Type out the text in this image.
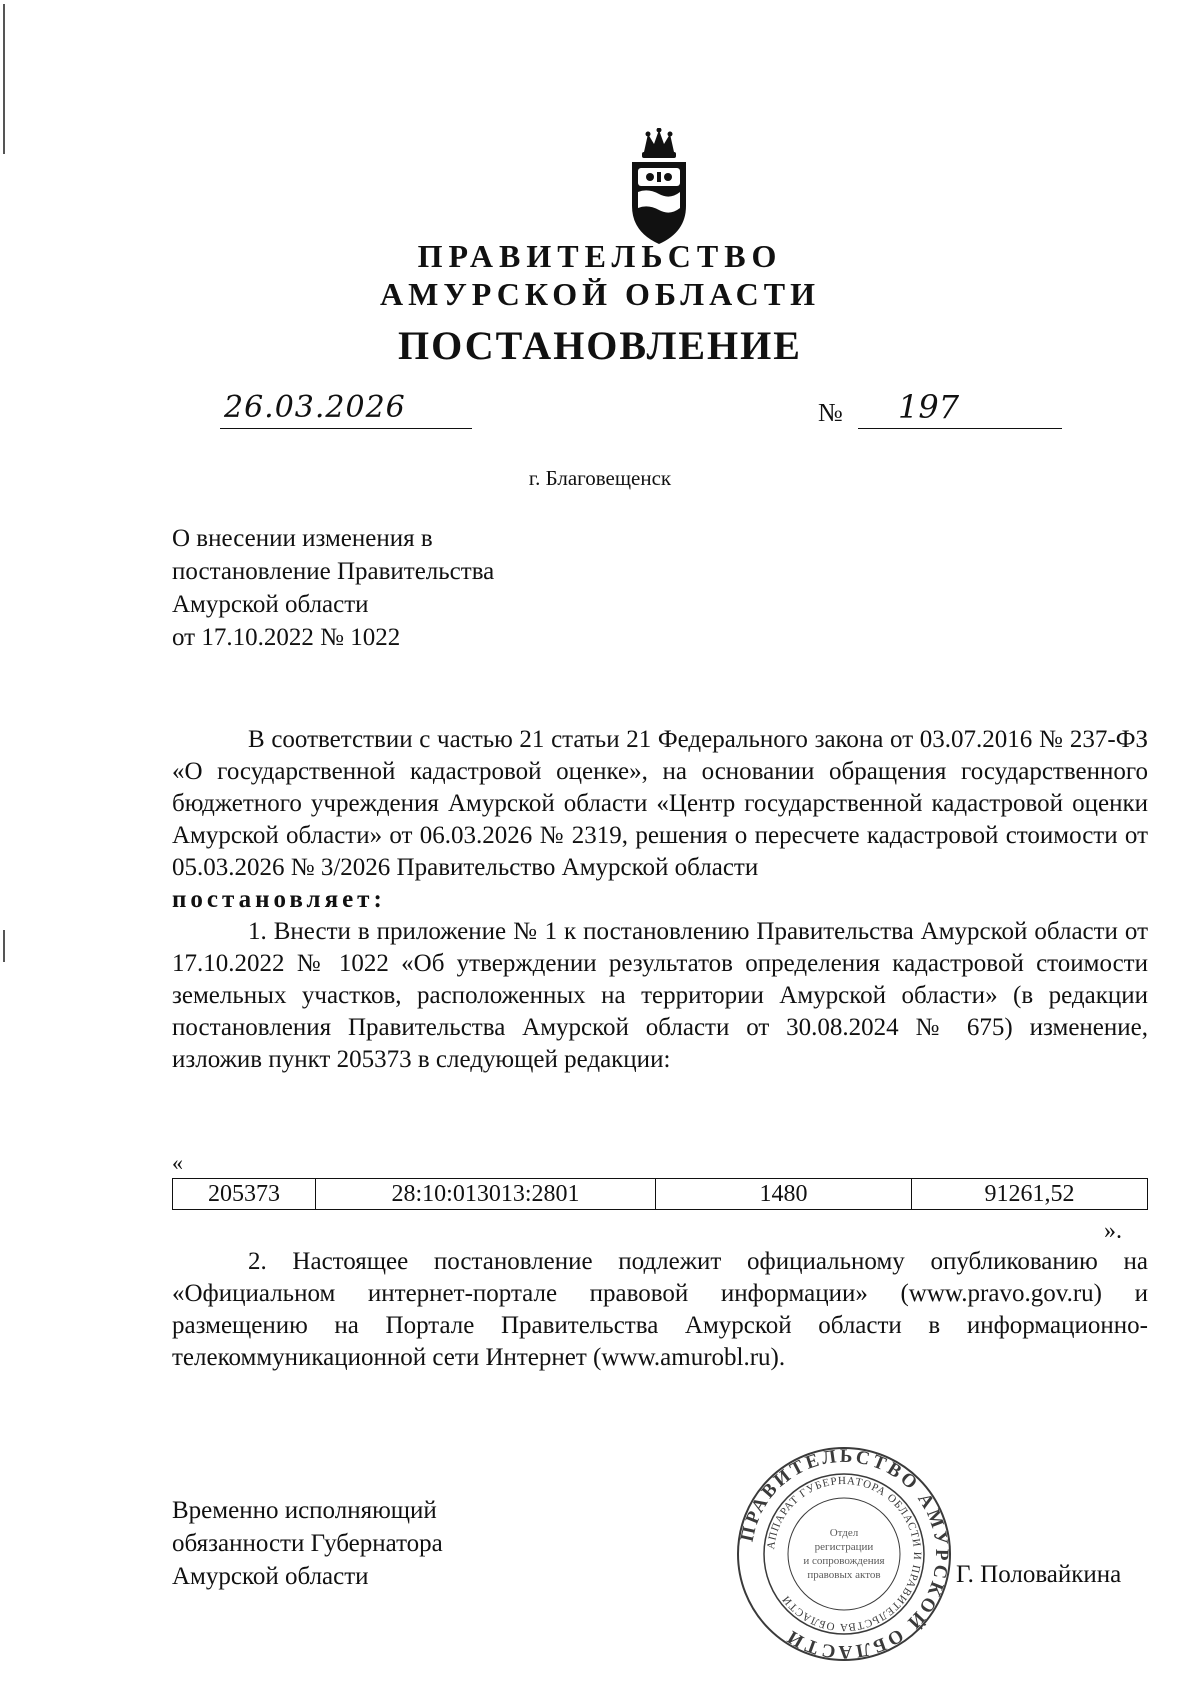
ПРАВИТЕЛЬСТВО
АМУРСКОЙ ОБЛАСТИ
ПОСТАНОВЛЕНИЕ
26.03.2026	№ 197
г. Благовещенск
О внесении изменения в
постановление Правительства
Амурской области
от 17.10.2022 № 1022

В соответствии с частью 21 статьи 21 Федерального закона от 03.07.2016 № 237-ФЗ «О государственной кадастровой оценке», на основании обращения государственного бюджетного учреждения Амурской области «Центр государственной кадастровой оценки Амурской области» от 06.03.2026 № 2319, решения о пересчете кадастровой стоимости от 05.03.2026 № 3/2026 Правительство Амурской области

постановляет:

1. Внести в приложение № 1 к постановлению Правительства Амурской области от 17.10.2022 № 1022 «Об утверждении результатов определения кадастровой стоимости земельных участков, расположенных на территории Амурской области» (в редакции постановления Правительства Амурской области от 30.08.2024 № 675) изменение, изложив пункт 205373 в следующей редакции:

«
205373	28:10:013013:2801	1480	91261,52
».

2. Настоящее постановление подлежит официальному опубликованию на «Официальном интернет-портале правовой информации» (www.pravo.gov.ru) и размещению на Портале Правительства Амурской области в информационно-телекоммуникационной сети Интернет (www.amurobl.ru).

Временно исполняющий
обязанности Губернатора
Амурской области
ПРАВИТЕЛЬСТВО АМУРСКОЙ ОБЛАСТИ
АППАРАТ ГУБЕРНАТОРА ОБЛАСТИ И ПРАВИТЕЛЬСТВА ОБЛАСТИ
Отдел
регистрации
и сопровождения
правовых актов	Г. Половайкина
